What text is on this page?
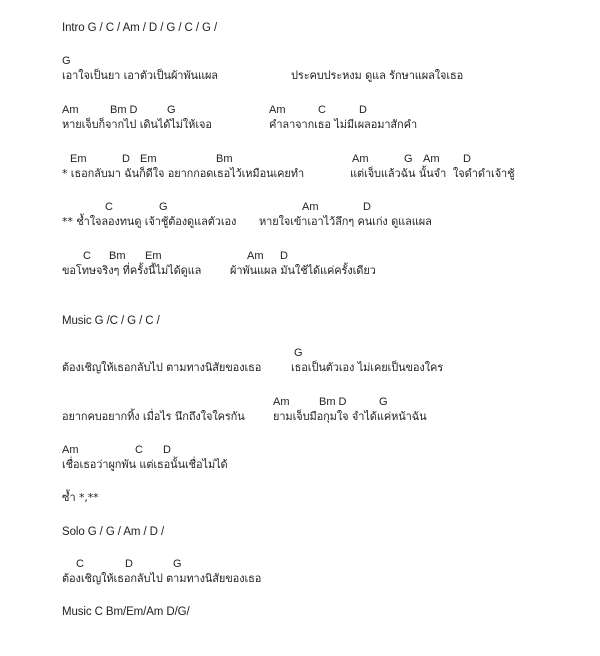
Intro G / C / Am / D / G / C / G /
G
เอาใจเป็นยา เอาตัวเป็นผ้าพันแผล	ประคบประหงม ดูแล รักษาแผลใจเธอ
Am	Bm D	G	Am	C	D
หายเจ็บก็จากไป เดินได้ไม่ให้เจอ	คำลาจากเธอ ไม่มีเผลอมาสักคำ
Em	D Em	Bm	Am	G Am D
* เธอกลับมา ฉันก็ดีใจ อยากกอดเธอไว้เหมือนเคยทำ	แต่เจ็บแล้วฉัน นั้นจำ  ใจดำดำเจ้าชู้
C	G	Am	D
** ช้ำใจลองทนดู เจ้าชู้ต้องดูแลตัวเอง หายใจเข้าเอาไว้ลึกๆ คนเก่ง ดูแลแผล
C Bm Em	Am D
ขอโทษจริงๆ ที่ครั้งนี้ไม่ได้ดูแล	ผ้าพันแผล มันใช้ได้แค่ครั้งเดียว
Music G /C / G / C /
G
ต้องเชิญให้เธอกลับไป ตามทางนิสัยของเธอ	เธอเป็นตัวเอง ไม่เคยเป็นของใคร
Am	Bm D	G
อยากคบอยากทิ้ง เมื่อไร นึกถึงใจใครกัน	ยามเจ็บมือกุมใจ จำได้แค่หน้าฉัน
Am	C D
เชื่อเธอว่าผูกพัน แต่เธอนั้นเชื่อไม่ได้
ซ้ำ *,**
Solo G / G / Am / D /
C	D	G
ต้องเชิญให้เธอกลับไป ตามทางนิสัยของเธอ
Music C Bm/Em/Am D/G/
